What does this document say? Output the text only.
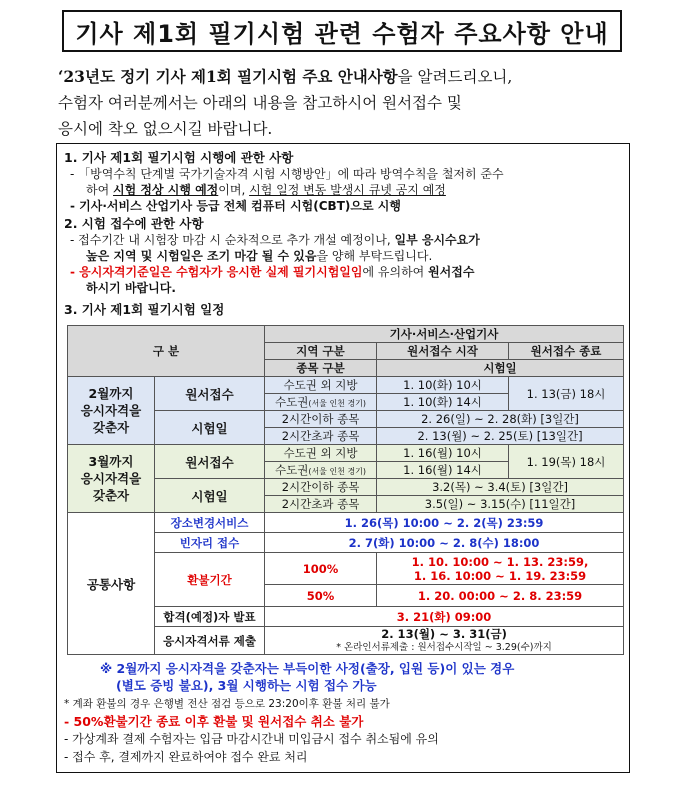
기사 제1회 필기시험 관련 수험자 주요사항 안내
‘23년도 정기 기사 제1회 필기시험 주요 안내사항을 알려드리오니,
수험자 여러분께서는 아래의 내용을 참고하시어 원서접수 및
응시에 착오 없으시길 바랍니다.
1. 기사 제1회 필기시험 시행에 관한 사항
- 「방역수칙 단계별 국가기술자격 시험 시행방안」에 따라 방역수칙을 철저히 준수
하여 시험 정상 시행 예정이며, 시험 일정 변동 발생시 큐넷 공지 예정
- 기사·서비스 산업기사 등급 전체 컴퓨터 시험(CBT)으로 시행
2. 시험 접수에 관한 사항
- 접수기간 내 시험장 마감 시 순차적으로 추가 개설 예정이나, 일부 응시수요가
높은 지역 및 시험일은 조기 마감 될 수 있음을 양해 부탁드립니다.
- 응시자격기준일은 수험자가 응시한 실제 필기시험일임에 유의하여 원서접수
하시기 바랍니다.
3. 기사 제1회 필기시험 일정
구 분		기사·서비스·산업기사		
		지역 구분	원서접수 시작	원서접수 종료
		종목 구분	시험일	
2월까지
응시자격을
갖춘자	원서접수	수도권 외 지방	1. 10(화) 10시	1. 13(금) 18시
		수도권(서울 인천 경기)	1. 10(화) 14시	
	시험일	2시간이하 종목	2. 26(일) ~ 2. 28(화) [3일간]	
		2시간초과 종목	2. 13(월) ~ 2. 25(토) [13일간]	
3월까지
응시자격을
갖춘자	원서접수	수도권 외 지방	1. 16(월) 10시	1. 19(목) 18시
		수도권(서울 인천 경기)	1. 16(월) 14시	
	시험일	2시간이하 종목	3.2(목) ~ 3.4(토) [3일간]	
		2시간초과 종목	3.5(일) ~ 3.15(수) [11일간]	
공통사항	장소변경서비스	1. 26(목) 10:00 ~ 2. 2(목) 23:59		
	빈자리 접수	2. 7(화) 10:00 ~ 2. 8(수) 18:00		
	환불기간	100%	1. 10. 10:00 ~ 1. 13. 23:59,
1. 16. 10:00 ~ 1. 19. 23:59	

		50%	1. 20. 00:00 ~ 2. 8. 23:59	
	합격(예정)자 발표	3. 21(화) 09:00		
	응시자격서류 제출	2. 13(월) ~ 3. 31(금)
* 온라인서류제출 : 원서접수시작일 ~ 3.29(수)까지		
※ 2월까지 응시자격을 갖춘자는 부득이한 사정(출장, 입원 등)이 있는 경우
(별도 증빙 불요), 3월 시행하는 시험 접수 가능
* 계좌 환불의 경우 은행별 전산 점검 등으로 23:20이후 환불 처리 불가
- 50%환불기간 종료 이후 환불 및 원서접수 취소 불가
- 가상계좌 결제 수험자는 입금 마감시간내 미입금시 접수 취소됨에 유의
- 접수 후, 결제까지 완료하여야 접수 완료 처리
